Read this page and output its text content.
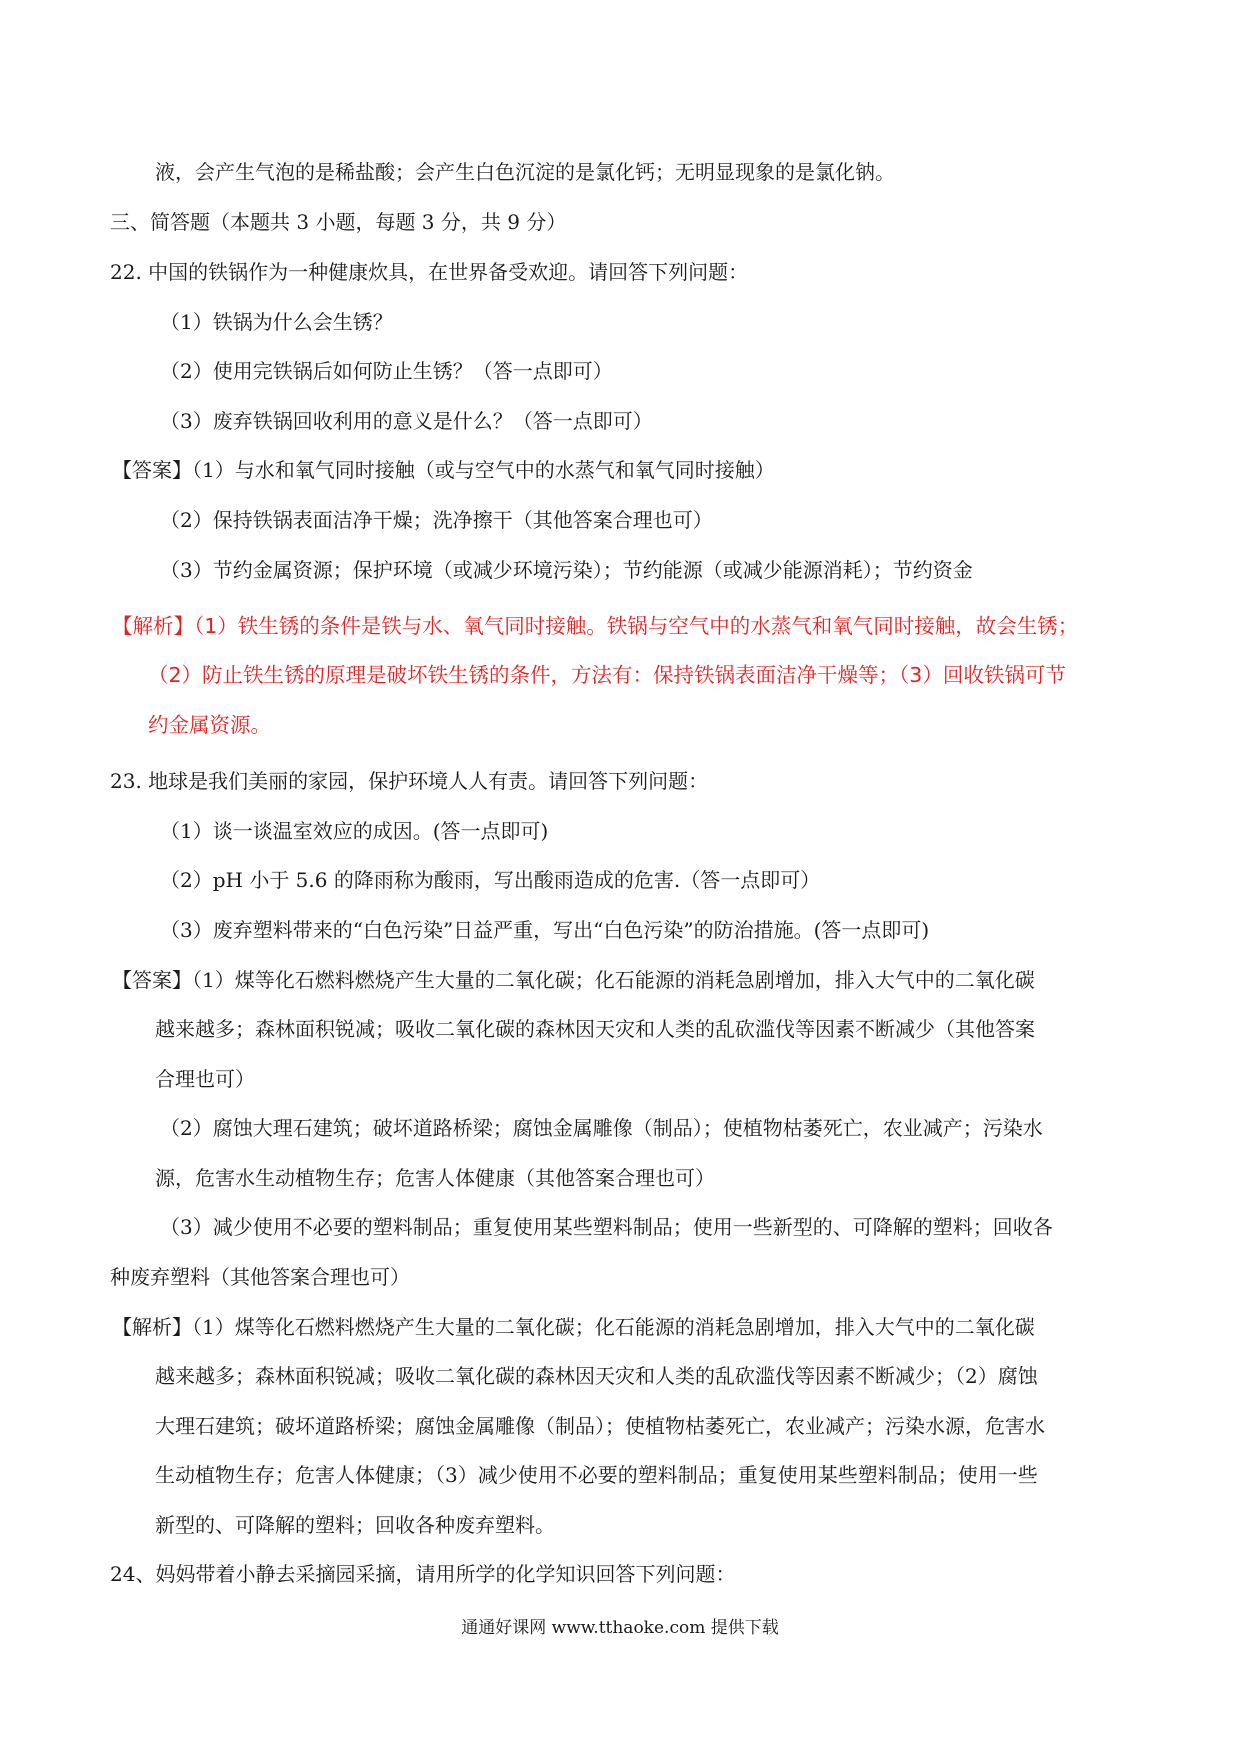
液，会产生气泡的是稀盐酸；会产生白色沉淀的是氯化钙；无明显现象的是氯化钠。
三、简答题（本题共 3 小题，每题 3 分，共 9 分）
22. 中国的铁锅作为一种健康炊具，在世界备受欢迎。请回答下列问题：
（1）铁锅为什么会生锈？
（2）使用完铁锅后如何防止生锈？（答一点即可）
（3）废弃铁锅回收利用的意义是什么？（答一点即可）
【答案】（1）与水和氧气同时接触（或与空气中的水蒸气和氧气同时接触）
（2）保持铁锅表面洁净干燥；洗净擦干（其他答案合理也可）
（3）节约金属资源；保护环境（或减少环境污染）；节约能源（或减少能源消耗）；节约资金
【解析】（1）铁生锈的条件是铁与水、氧气同时接触。铁锅与空气中的水蒸气和氧气同时接触，故会生锈；
（2）防止铁生锈的原理是破坏铁生锈的条件，方法有：保持铁锅表面洁净干燥等；（3）回收铁锅可节
约金属资源。
23. 地球是我们美丽的家园，保护环境人人有责。请回答下列问题：
（1）谈一谈温室效应的成因。(答一点即可)
（2）pH 小于 5.6 的降雨称为酸雨，写出酸雨造成的危害.（答一点即可）
（3）废弃塑料带来的“白色污染”日益严重，写出“白色污染”的防治措施。(答一点即可)
【答案】（1）煤等化石燃料燃烧产生大量的二氧化碳；化石能源的消耗急剧增加，排入大气中的二氧化碳
越来越多；森林面积锐减；吸收二氧化碳的森林因天灾和人类的乱砍滥伐等因素不断减少（其他答案
合理也可）
（2）腐蚀大理石建筑；破坏道路桥梁；腐蚀金属雕像（制品）；使植物枯萎死亡，农业减产；污染水
源，危害水生动植物生存；危害人体健康（其他答案合理也可）
（3）减少使用不必要的塑料制品；重复使用某些塑料制品；使用一些新型的、可降解的塑料；回收各
种废弃塑料（其他答案合理也可）
【解析】（1）煤等化石燃料燃烧产生大量的二氧化碳；化石能源的消耗急剧增加，排入大气中的二氧化碳
越来越多；森林面积锐减；吸收二氧化碳的森林因天灾和人类的乱砍滥伐等因素不断减少；（2）腐蚀
大理石建筑；破坏道路桥梁；腐蚀金属雕像（制品）；使植物枯萎死亡，农业减产；污染水源，危害水
生动植物生存；危害人体健康；（3）减少使用不必要的塑料制品；重复使用某些塑料制品；使用一些
新型的、可降解的塑料；回收各种废弃塑料。
24、妈妈带着小静去采摘园采摘，请用所学的化学知识回答下列问题：
通通好课网 www.tthaoke.com 提供下载
